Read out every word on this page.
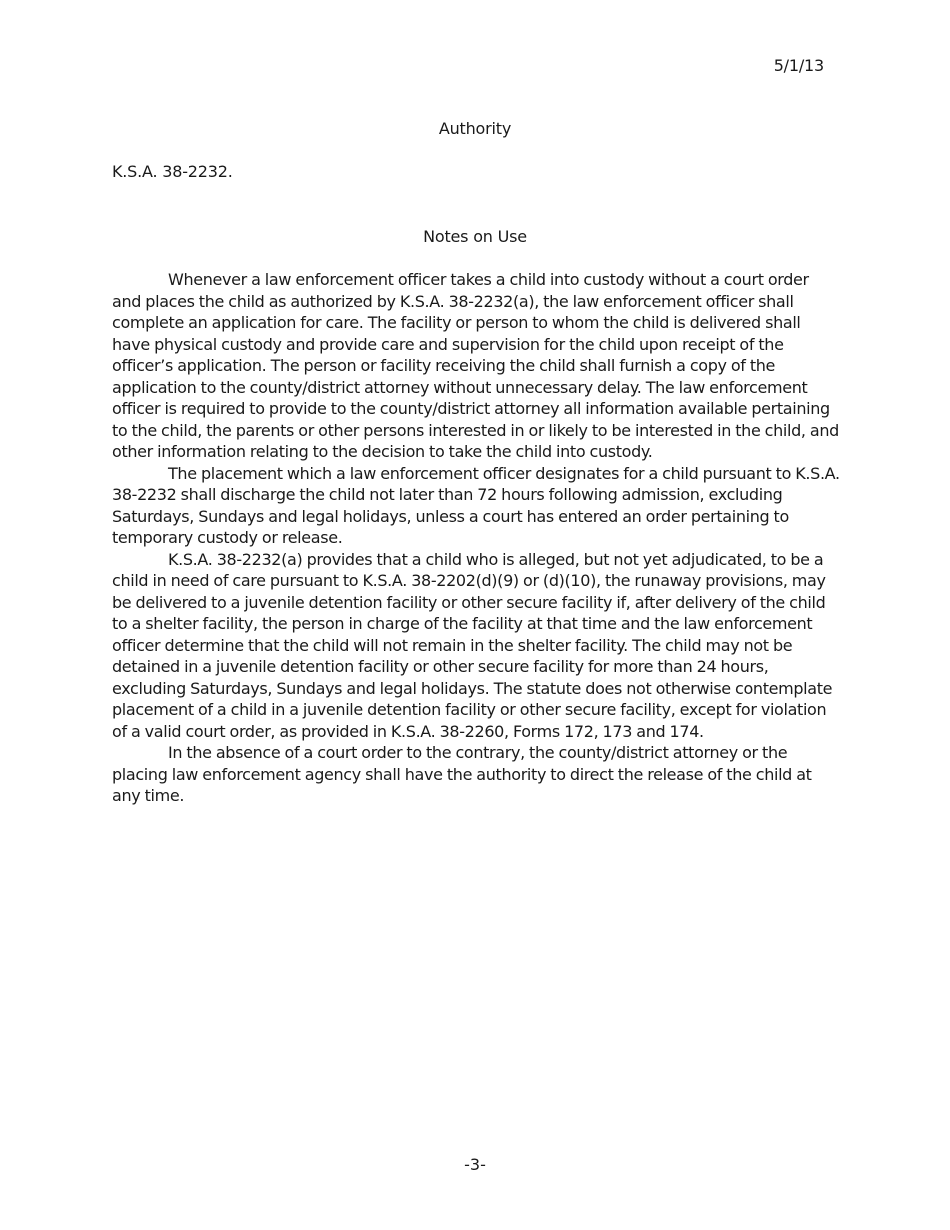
5/1/13
Authority
K.S.A. 38-2232.
Notes on Use

Whenever a law enforcement officer takes a child into custody without a court order and places the child as authorized by K.S.A. 38-2232(a), the law enforcement officer shall complete an application for care. The facility or person to whom the child is delivered shall have physical custody and provide care and supervision for the child upon receipt of the officer’s application. The person or facility receiving the child shall furnish a copy of the application to the county/district attorney without unnecessary delay. The law enforcement officer is required to provide to the county/district attorney all information available pertaining to the child, the parents or other persons interested in or likely to be interested in the child, and other information relating to the decision to take the child into custody.

The placement which a law enforcement officer designates for a child pursuant to K.S.A. 38-2232 shall discharge the child not later than 72 hours following admission, excluding Saturdays, Sundays and legal holidays, unless a court has entered an order pertaining to temporary custody or release.

K.S.A. 38-2232(a) provides that a child who is alleged, but not yet adjudicated, to be a child in need of care pursuant to K.S.A. 38-2202(d)(9) or (d)(10), the runaway provisions, may be delivered to a juvenile detention facility or other secure facility if, after delivery of the child to a shelter facility, the person in charge of the facility at that time and the law enforcement officer determine that the child will not remain in the shelter facility. The child may not be detained in a juvenile detention facility or other secure facility for more than 24 hours, excluding Saturdays, Sundays and legal holidays. The statute does not otherwise contemplate placement of a child in a juvenile detention facility or other secure facility, except for violation of a valid court order, as provided in K.S.A. 38-2260, Forms 172, 173 and 174.

In the absence of a court order to the contrary, the county/district attorney or the placing law enforcement agency shall have the authority to direct the release of the child at any time.

-3-
